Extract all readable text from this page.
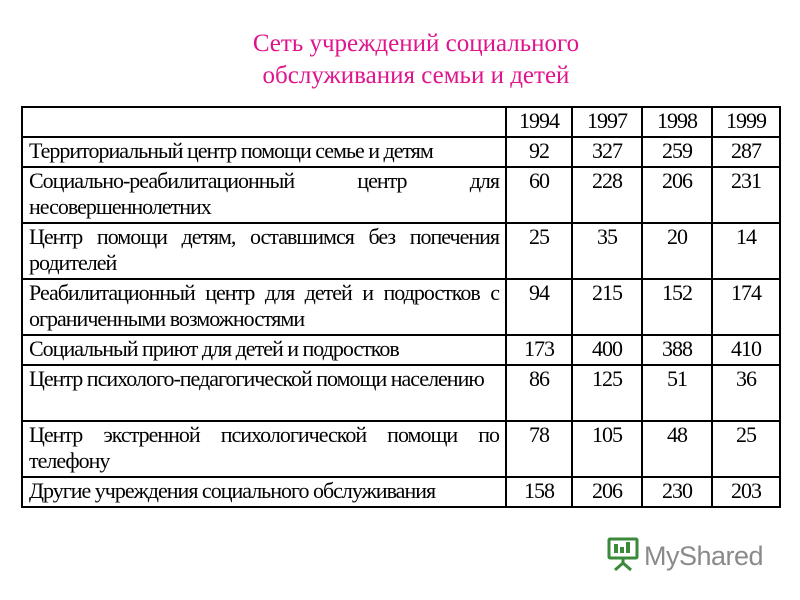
Сеть учреждений социального
обслуживания семьи и детей
	1994	1997	1998	1999
Территориальный центр помощи семье и детям	92	327	259	287
Социально-реабилитационный центр для несовершеннолетних	60	228	206	231
Центр помощи детям, оставшимся без попечения родителей	25	35	20	14
Реабилитационный центр для детей и подростков с ограниченными возможностями	94	215	152	174
Социальный приют для детей и подростков	173	400	388	410
Центр психолого-педагогической помощи населению	86	125	51	36
Центр экстренной психологической помощи по телефону	78	105	48	25
Другие учреждения социального обслуживания	158	206	230	203
MyShared
